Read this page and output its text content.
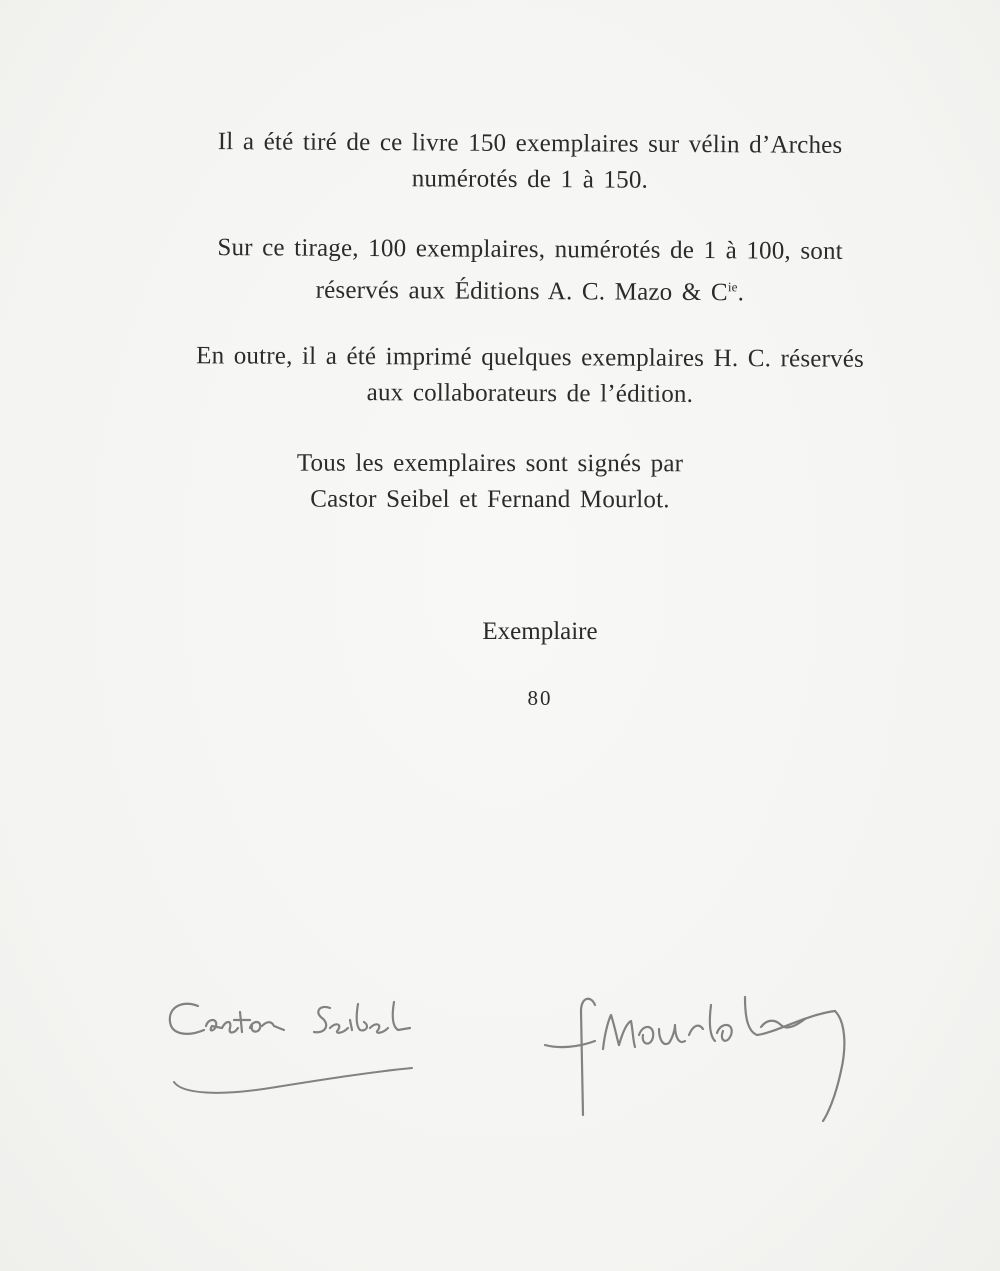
Il a été tiré de ce livre 150 exemplaires sur vélin d’Arches
numérotés de 1 à 150.
Sur ce tirage, 100 exemplaires, numérotés de 1 à 100, sont
réservés aux Éditions A. C. Mazo & $C^{ie}$.
En outre, il a été imprimé quelques exemplaires H. C. réservés
aux collaborateurs de l’édition.
Tous les exemplaires sont signés par
Castor Seibel et Fernand Mourlot.
Exemplaire
80
